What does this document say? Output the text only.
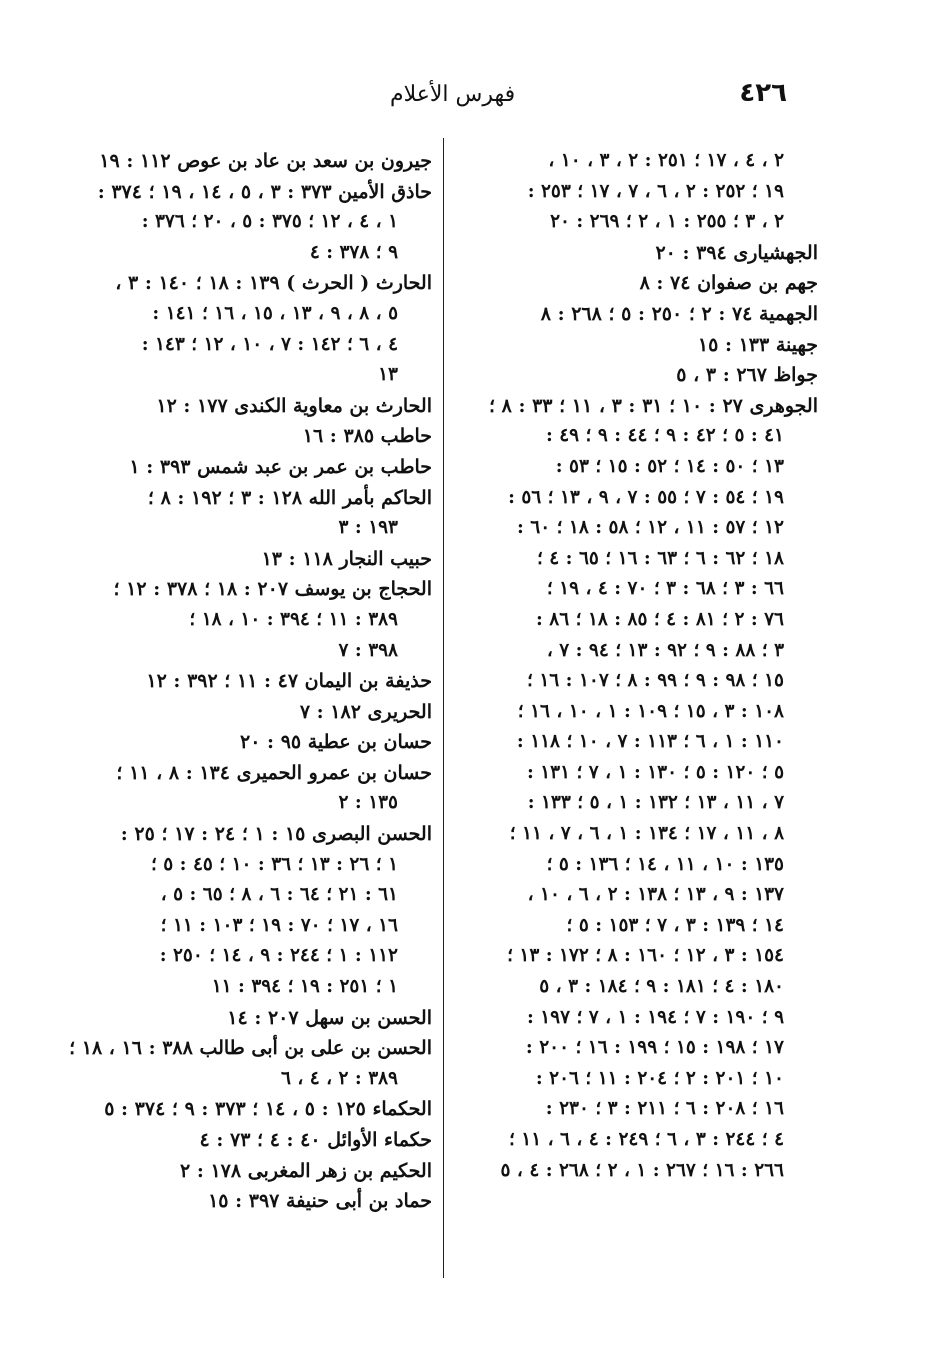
٤٢٦
فهرس الأعلام
٢ ، ٤ ، ١٧ ؛ ٢٥١ : ٢ ، ٣ ، ١٠ ،
١٩ ؛ ٢٥٢ : ٢ ، ٦ ، ٧ ، ١٧ ؛ ٢٥٣ :
٢ ، ٣ ؛ ٢٥٥ : ١ ، ٢ ؛ ٢٦٩ : ٢٠
الجهشيارى ٣٩٤ : ٢٠
جهم بن صفوان ٧٤ : ٨
الجهمية ٧٤ : ٢ ؛ ٢٥٠ : ٥ ؛ ٢٦٨ : ٨
جهينة ١٣٣ : ١٥
جواظ ٢٦٧ : ٣ ، ٥
الجوهرى ٢٧ : ١٠ ؛ ٣١ : ٣ ، ١١ ؛ ٣٣ : ٨ ؛
٤١ : ٥ ؛ ٤٢ : ٩ ؛ ٤٤ : ٩ ؛ ٤٩ :
١٣ ؛ ٥٠ : ١٤ ؛ ٥٢ : ١٥ ؛ ٥٣ :
١٩ ؛ ٥٤ : ٧ ؛ ٥٥ : ٧ ، ٩ ، ١٣ ؛ ٥٦ :
١٢ ؛ ٥٧ : ١١ ، ١٢ ؛ ٥٨ : ١٨ ؛ ٦٠ :
١٨ ؛ ٦٢ : ٦ ؛ ٦٣ : ١٦ ؛ ٦٥ : ٤ ؛
٦٦ : ٣ ؛ ٦٨ : ٣ ؛ ٧٠ : ٤ ، ١٩ ؛
٧٦ : ٢ ؛ ٨١ : ٤ ؛ ٨٥ : ١٨ ؛ ٨٦ :
٣ ؛ ٨٨ : ٩ ؛ ٩٢ : ١٣ ؛ ٩٤ : ٧ ،
١٥ ؛ ٩٨ : ٩ ؛ ٩٩ : ٨ ؛ ١٠٧ : ١٦ ؛
١٠٨ : ٣ ، ١٥ ؛ ١٠٩ : ١ ، ١٠ ، ١٦ ؛
١١٠ : ١ ، ٦ ؛ ١١٣ : ٧ ، ١٠ ؛ ١١٨ :
٥ ؛ ١٢٠ : ٥ ؛ ١٣٠ : ١ ، ٧ ؛ ١٣١ :
٧ ، ١١ ، ١٣ ؛ ١٣٢ : ١ ، ٥ ؛ ١٣٣ :
٨ ، ١١ ، ١٧ ؛ ١٣٤ : ١ ، ٦ ، ٧ ، ١١ ؛
١٣٥ : ١٠ ، ١١ ، ١٤ ؛ ١٣٦ : ٥ ؛
١٣٧ : ٩ ، ١٣ ؛ ١٣٨ : ٢ ، ٦ ، ١٠ ،
١٤ ؛ ١٣٩ : ٣ ، ٧ ؛ ١٥٣ : ٥ ؛
١٥٤ : ٣ ، ١٢ ؛ ١٦٠ : ٨ ؛ ١٧٢ : ١٣ ؛
١٨٠ : ٤ ؛ ١٨١ : ٩ ؛ ١٨٤ : ٣ ، ٥
٩ ؛ ١٩٠ : ٧ ؛ ١٩٤ : ١ ، ٧ ؛ ١٩٧ :
١٧ ؛ ١٩٨ : ١٥ ؛ ١٩٩ : ١٦ ؛ ٢٠٠ :
١٠ ؛ ٢٠١ : ٢ ؛ ٢٠٤ : ١١ ؛ ٢٠٦ :
١٦ ؛ ٢٠٨ : ٦ ؛ ٢١١ : ٣ ؛ ٢٣٠ :
٤ ؛ ٢٤٤ : ٣ ، ٦ ؛ ٢٤٩ : ٤ ، ٦ ، ١١ ؛
٢٦٦ : ١٦ ؛ ٢٦٧ : ١ ، ٢ ؛ ٢٦٨ : ٤ ، ٥
جيرون بن سعد بن عاد بن عوص ١١٢ : ١٩
حاذق الأمين ٣٧٣ : ٣ ، ٥ ، ١٤ ، ١٩ ؛ ٣٧٤ :
١ ، ٤ ، ١٢ ؛ ٣٧٥ : ٥ ، ٢٠ ؛ ٣٧٦ :
٩ ؛ ٣٧٨ : ٤
الحارث ( الحرث ) ١٣٩ : ١٨ ؛ ١٤٠ : ٣ ،
٥ ، ٨ ، ٩ ، ١٣ ، ١٥ ، ١٦ ؛ ١٤١ :
٤ ، ٦ ؛ ١٤٢ : ٧ ، ١٠ ، ١٢ ؛ ١٤٣ :
١٣
الحارث بن معاوية الكندى ١٧٧ : ١٢
حاطب ٣٨٥ : ١٦
حاطب بن عمر بن عبد شمس ٣٩٣ : ١
الحاكم بأمر الله ١٢٨ : ٣ ؛ ١٩٢ : ٨ ؛
١٩٣ : ٣
حبيب النجار ١١٨ : ١٣
الحجاج بن يوسف ٢٠٧ : ١٨ ؛ ٣٧٨ : ١٢ ؛
٣٨٩ : ١١ ؛ ٣٩٤ : ١٠ ، ١٨ ؛
٣٩٨ : ٧
حذيفة بن اليمان ٤٧ : ١١ ؛ ٣٩٢ : ١٢
الحريرى ١٨٢ : ٧
حسان بن عطية ٩٥ : ٢٠
حسان بن عمرو الحميرى ١٣٤ : ٨ ، ١١ ؛
١٣٥ : ٢
الحسن البصرى ١٥ : ١ ؛ ٢٤ : ١٧ ؛ ٢٥ :
١ ؛ ٢٦ : ١٣ ؛ ٣٦ : ١٠ ؛ ٤٥ : ٥ ؛
٦١ : ٢١ ؛ ٦٤ : ٦ ، ٨ ؛ ٦٥ : ٥ ،
١٦ ، ١٧ ؛ ٧٠ : ١٩ ؛ ١٠٣ : ١١ ؛
١١٢ : ١ ؛ ٢٤٤ : ٩ ، ١٤ ؛ ٢٥٠ :
١ ؛ ٢٥١ : ١٩ ؛ ٣٩٤ : ١١
الحسن بن سهل ٢٠٧ : ١٤
الحسن بن على بن أبى طالب ٣٨٨ : ١٦ ، ١٨ ؛
٣٨٩ : ٢ ، ٤ ، ٦
الحكماء ١٢٥ : ٥ ، ١٤ ؛ ٣٧٣ : ٩ ؛ ٣٧٤ : ٥
حكماء الأوائل ٤٠ : ٤ ؛ ٧٣ : ٤
الحكيم بن زهر المغربى ١٧٨ : ٢
حماد بن أبى حنيفة ٣٩٧ : ١٥
